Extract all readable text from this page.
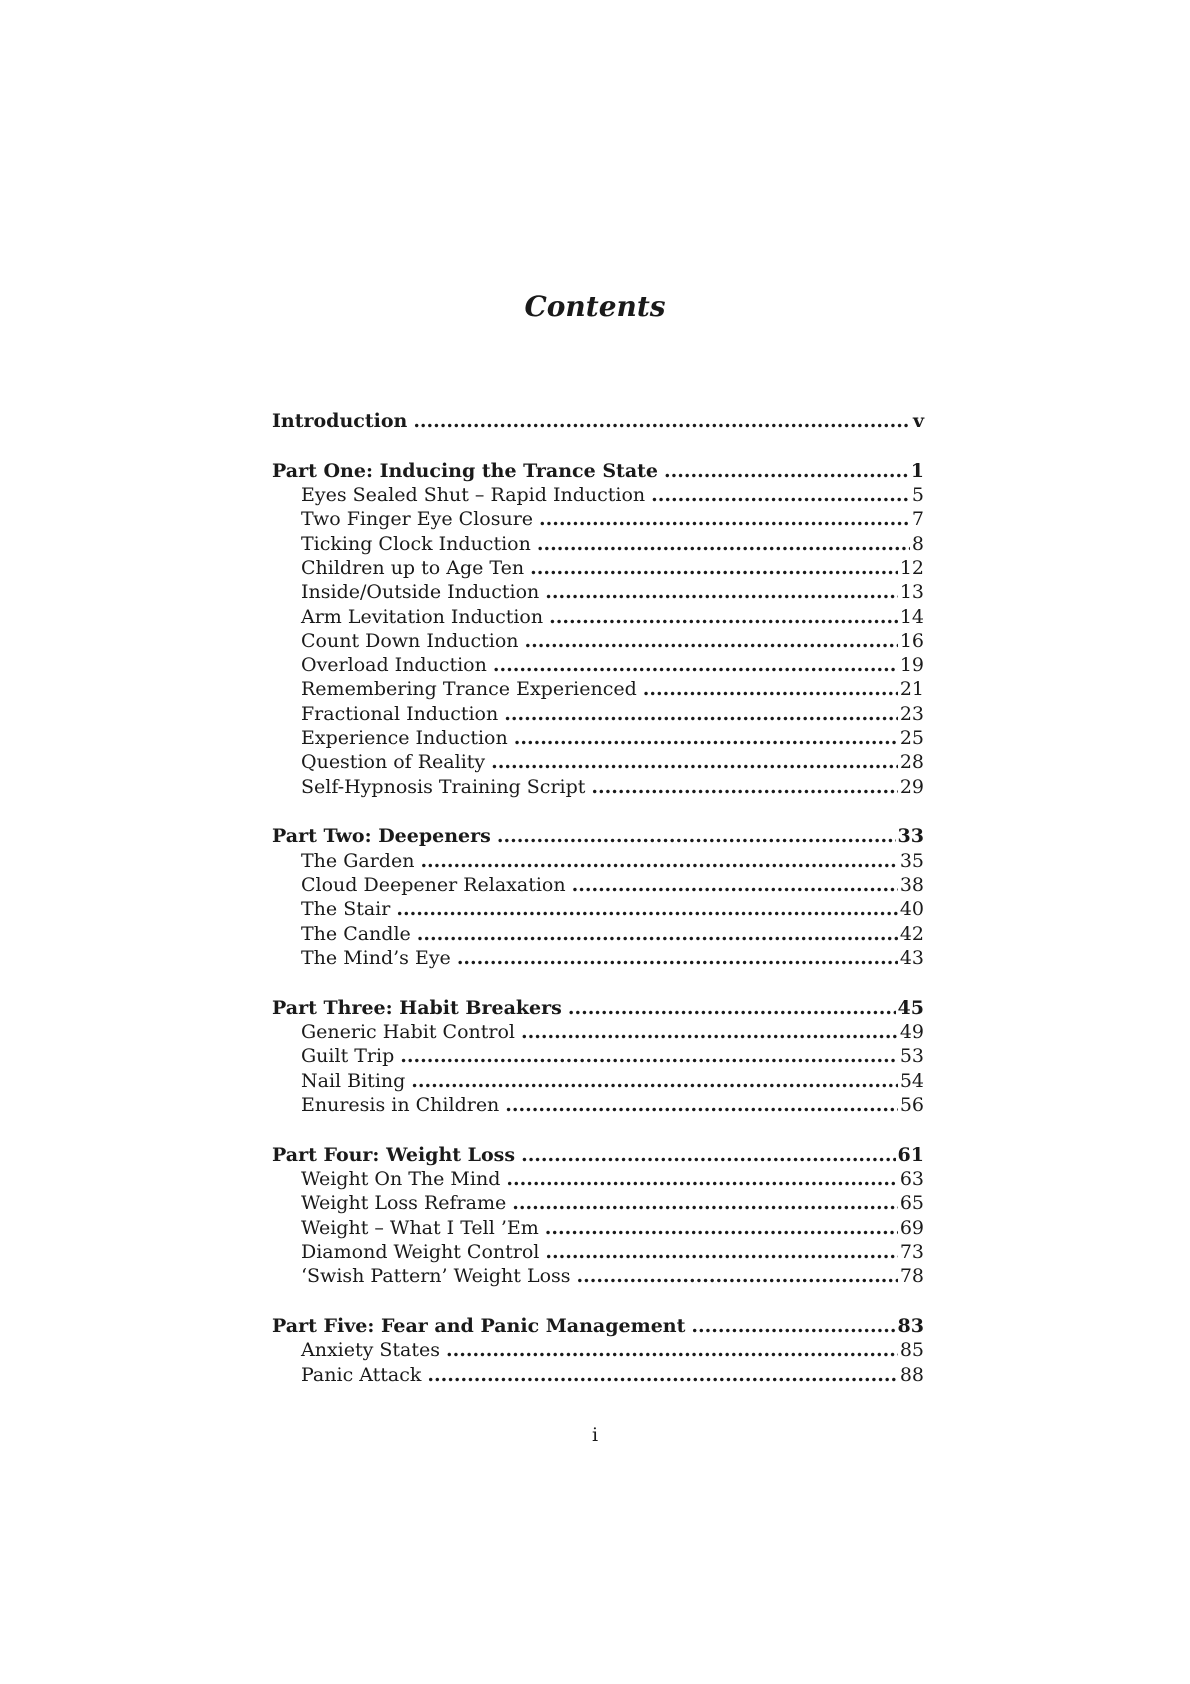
Contents
Introduction .....	v
Part One: Inducing the Trance State .....	1
Eyes Sealed Shut – Rapid Induction .....	5
Two Finger Eye Closure .....	7
Ticking Clock Induction .....	8
Children up to Age Ten .....	12
Inside/Outside Induction .....	13
Arm Levitation Induction .....	14
Count Down Induction .....	16
Overload Induction .....	19
Remembering Trance Experienced .....	21
Fractional Induction .....	23
Experience Induction .....	25
Question of Reality .....	28
Self-Hypnosis Training Script .....	29
Part Two: Deepeners .....	33
The Garden .....	35
Cloud Deepener Relaxation .....	38
The Stair .....	40
The Candle .....	42
The Mind’s Eye .....	43
Part Three: Habit Breakers .....	45
Generic Habit Control .....	49
Guilt Trip .....	53
Nail Biting .....	54
Enuresis in Children .....	56
Part Four: Weight Loss .....	61
Weight On The Mind .....	63
Weight Loss Reframe .....	65
Weight – What I Tell ’Em .....	69
Diamond Weight Control .....	73
‘Swish Pattern’ Weight Loss .....	78
Part Five: Fear and Panic Management .....	83
Anxiety States .....	85
Panic Attack .....	88
i
